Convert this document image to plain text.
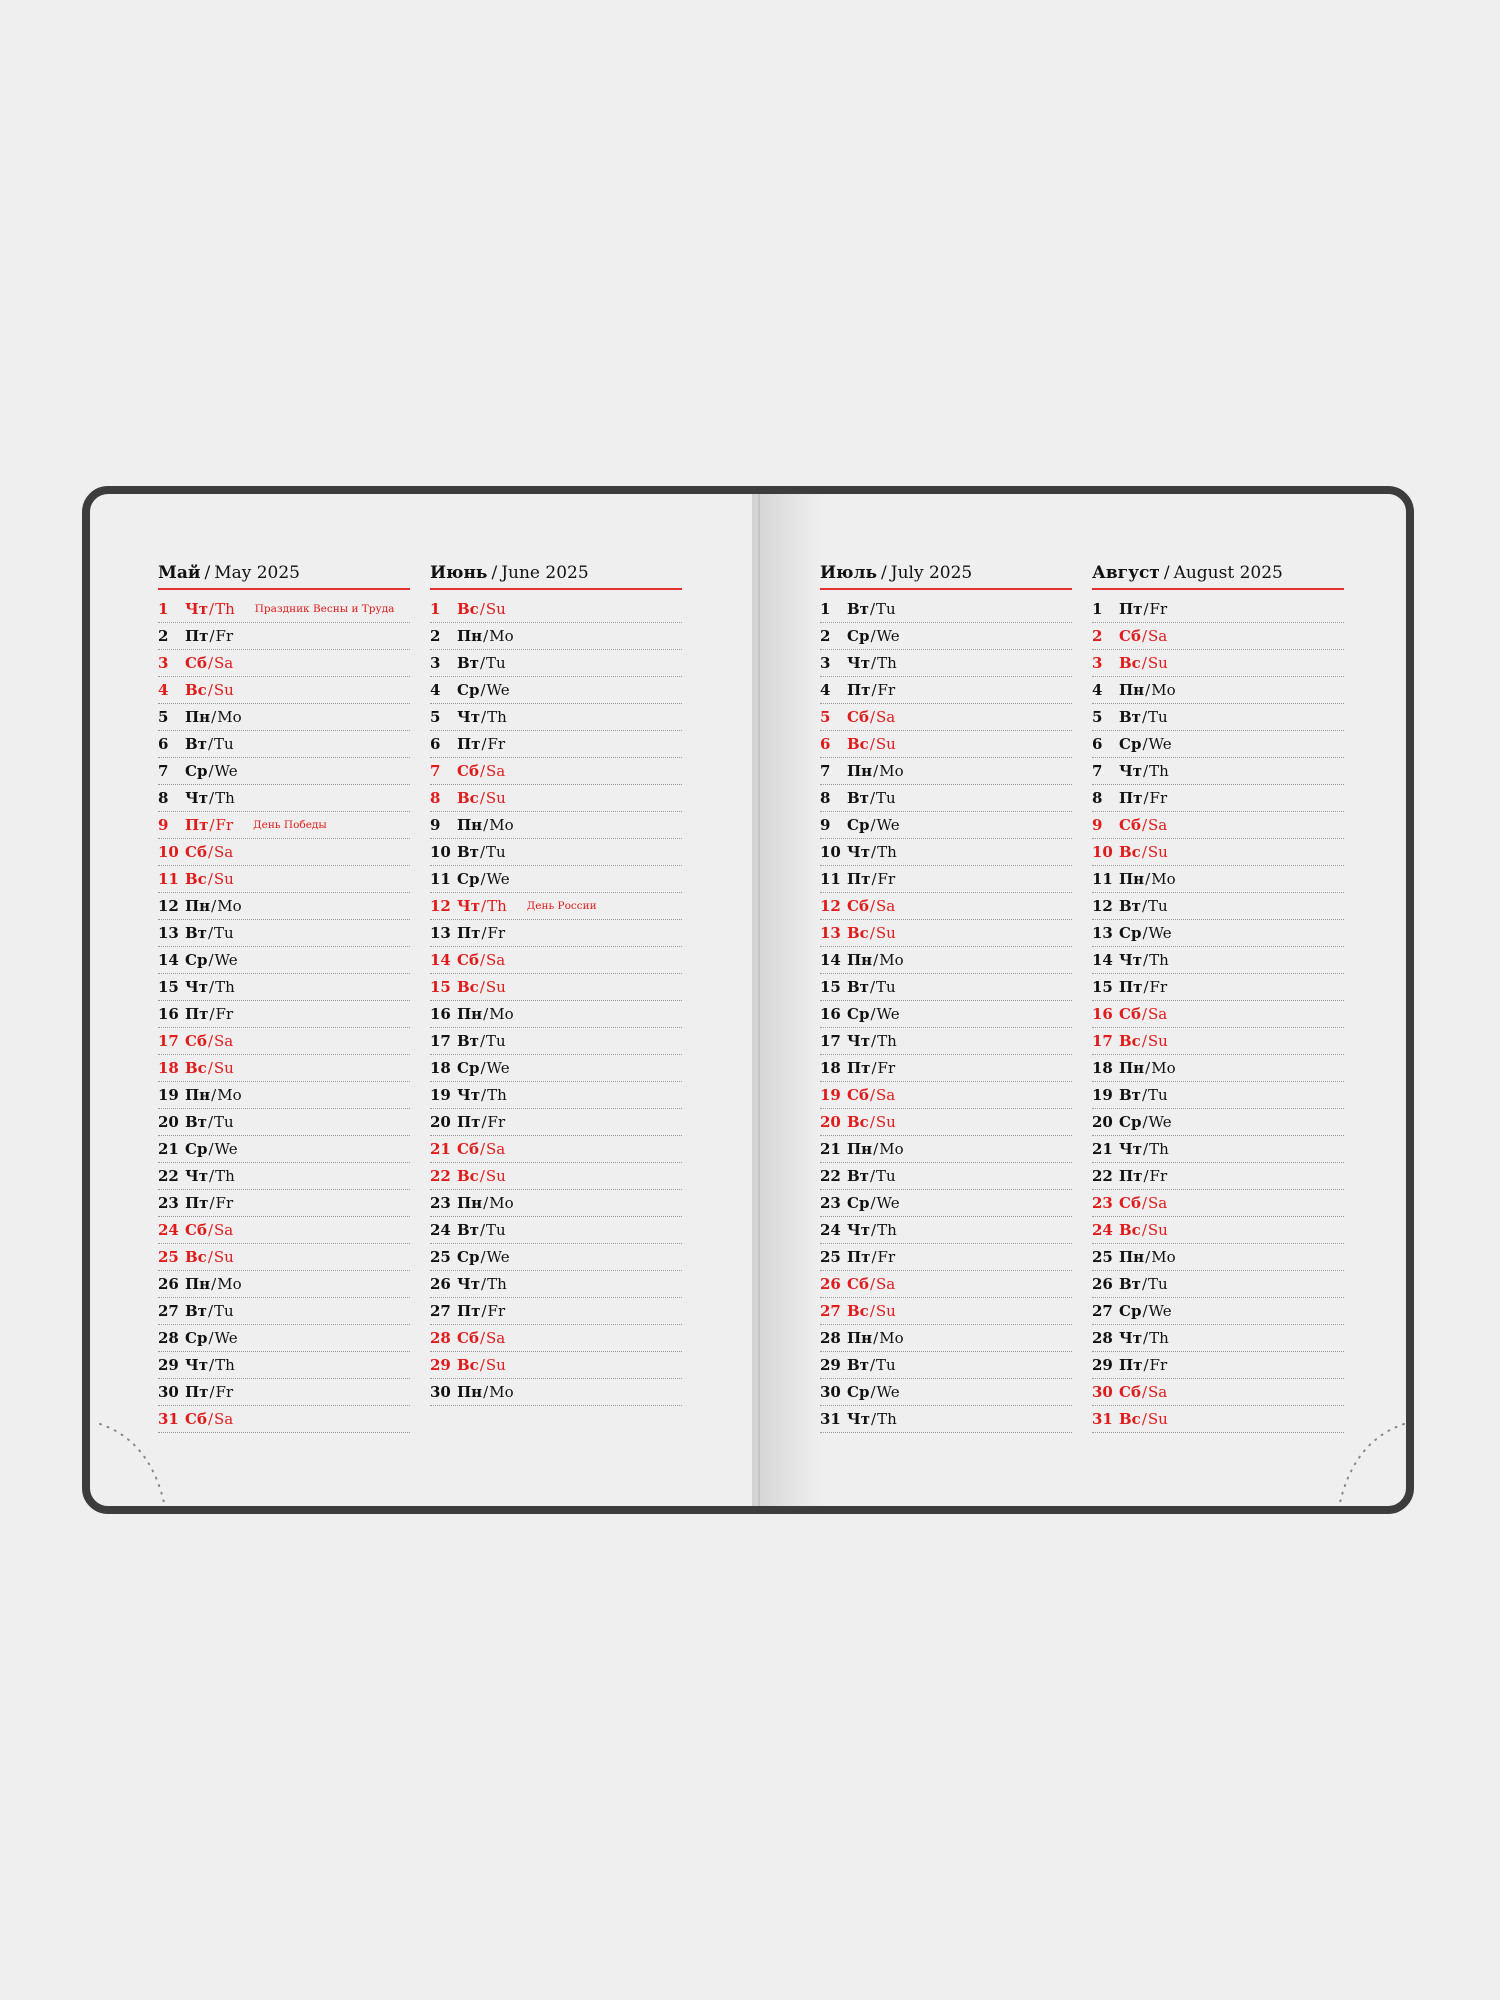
Май / May 2025
1	Чт / Th Праздник Весны и Труда
2	Пт / Fr
3	Сб / Sa
4	Вс / Su
5	Пн / Mo
6	Вт / Tu
7	Ср / We
8	Чт / Th
9	Пт / Fr День Победы
10 Сб / Sa
11 Вс / Su
12 Пн / Mo
13 Вт / Tu
14 Ср / We
15 Чт / Th
16 Пт / Fr
17 Сб / Sa
18 Вс / Su
19 Пн / Mo
20 Вт / Tu
21 Ср / We
22 Чт / Th
23 Пт / Fr
24 Сб / Sa
25 Вс / Su
26 Пн / Mo
27 Вт / Tu
28 Ср / We
29 Чт / Th
30 Пт / Fr
31 Сб / Sa
Июнь / June 2025
1	Вс / Su
2	Пн / Mo
3	Вт / Tu
4	Ср / We
5	Чт / Th
6	Пт / Fr
7	Сб / Sa
8	Вс / Su
9	Пн / Mo
10 Вт / Tu
11 Ср / We
12 Чт / Th День России
13 Пт / Fr
14 Сб / Sa
15 Вс / Su
16 Пн / Mo
17 Вт / Tu
18 Ср / We
19 Чт / Th
20 Пт / Fr
21 Сб / Sa
22 Вс / Su
23 Пн / Mo
24 Вт / Tu
25 Ср / We
26 Чт / Th
27 Пт / Fr
28 Сб / Sa
29 Вс / Su
30 Пн / Mo
Июль / July 2025
1	Вт / Tu
2	Ср / We
3	Чт / Th
4	Пт / Fr
5	Сб / Sa
6	Вс / Su
7	Пн / Mo
8	Вт / Tu
9	Ср / We
10 Чт / Th
11 Пт / Fr
12 Сб / Sa
13 Вс / Su
14 Пн / Mo
15 Вт / Tu
16 Ср / We
17 Чт / Th
18 Пт / Fr
19 Сб / Sa
20 Вс / Su
21 Пн / Mo
22 Вт / Tu
23 Ср / We
24 Чт / Th
25 Пт / Fr
26 Сб / Sa
27 Вс / Su
28 Пн / Mo
29 Вт / Tu
30 Ср / We
31 Чт / Th
Август / August 2025
1	Пт / Fr
2	Сб / Sa
3	Вс / Su
4	Пн / Mo
5	Вт / Tu
6	Ср / We
7	Чт / Th
8	Пт / Fr
9	Сб / Sa
10 Вс / Su
11 Пн / Mo
12 Вт / Tu
13 Ср / We
14 Чт / Th
15 Пт / Fr
16 Сб / Sa
17 Вс / Su
18 Пн / Mo
19 Вт / Tu
20 Ср / We
21 Чт / Th
22 Пт / Fr
23 Сб / Sa
24 Вс / Su
25 Пн / Mo
26 Вт / Tu
27 Ср / We
28 Чт / Th
29 Пт / Fr
30 Сб / Sa
31 Вс / Su
